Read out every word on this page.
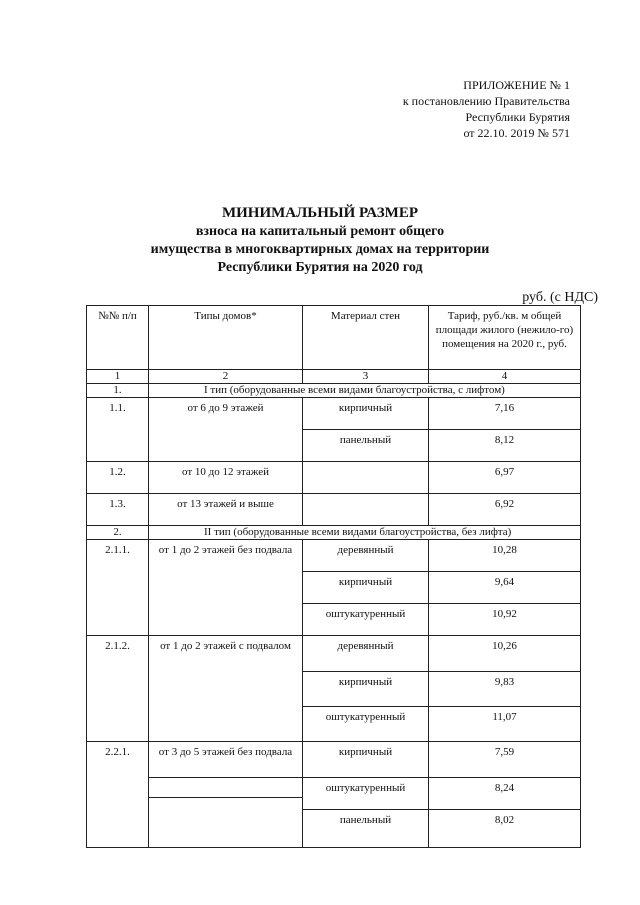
ПРИЛОЖЕНИЕ № 1
к постановлению Правительства
Республики Бурятия
от 22.10. 2019 № 571
МИНИМАЛЬНЫЙ РАЗМЕР
взноса на капитальный ремонт общего
имущества в многоквартирных домах на территории
Республики Бурятия на 2020 год
руб. (с НДС)
№№ п/п	Типы домов*	Материал стен	Тариф, руб./кв. м общей площади жилого (нежило-го) помещения на 2020 г., руб.
1	2	3	4
1.	I тип (оборудованные всеми видами благоустройства, с лифтом)		
1.1.	от 6 до 9 этажей	кирпичный	7,16
		панельный	8,12
1.2.	от 10 до 12 этажей		6,97
1.3.	от 13 этажей и выше		6,92
2.	II тип (оборудованные всеми видами благоустройства, без лифта)		
2.1.1.	от 1 до 2 этажей без подвала	деревянный	10,28
		кирпичный	9,64
		оштукатуренный	10,92
2.1.2.	от 1 до 2 этажей с подвалом	деревянный	10,26
		кирпичный	9,83
		оштукатуренный	11,07
2.2.1.	от 3 до 5 этажей без подвала	кирпичный	7,59
		оштукатуренный	8,24

		панельный	8,02
